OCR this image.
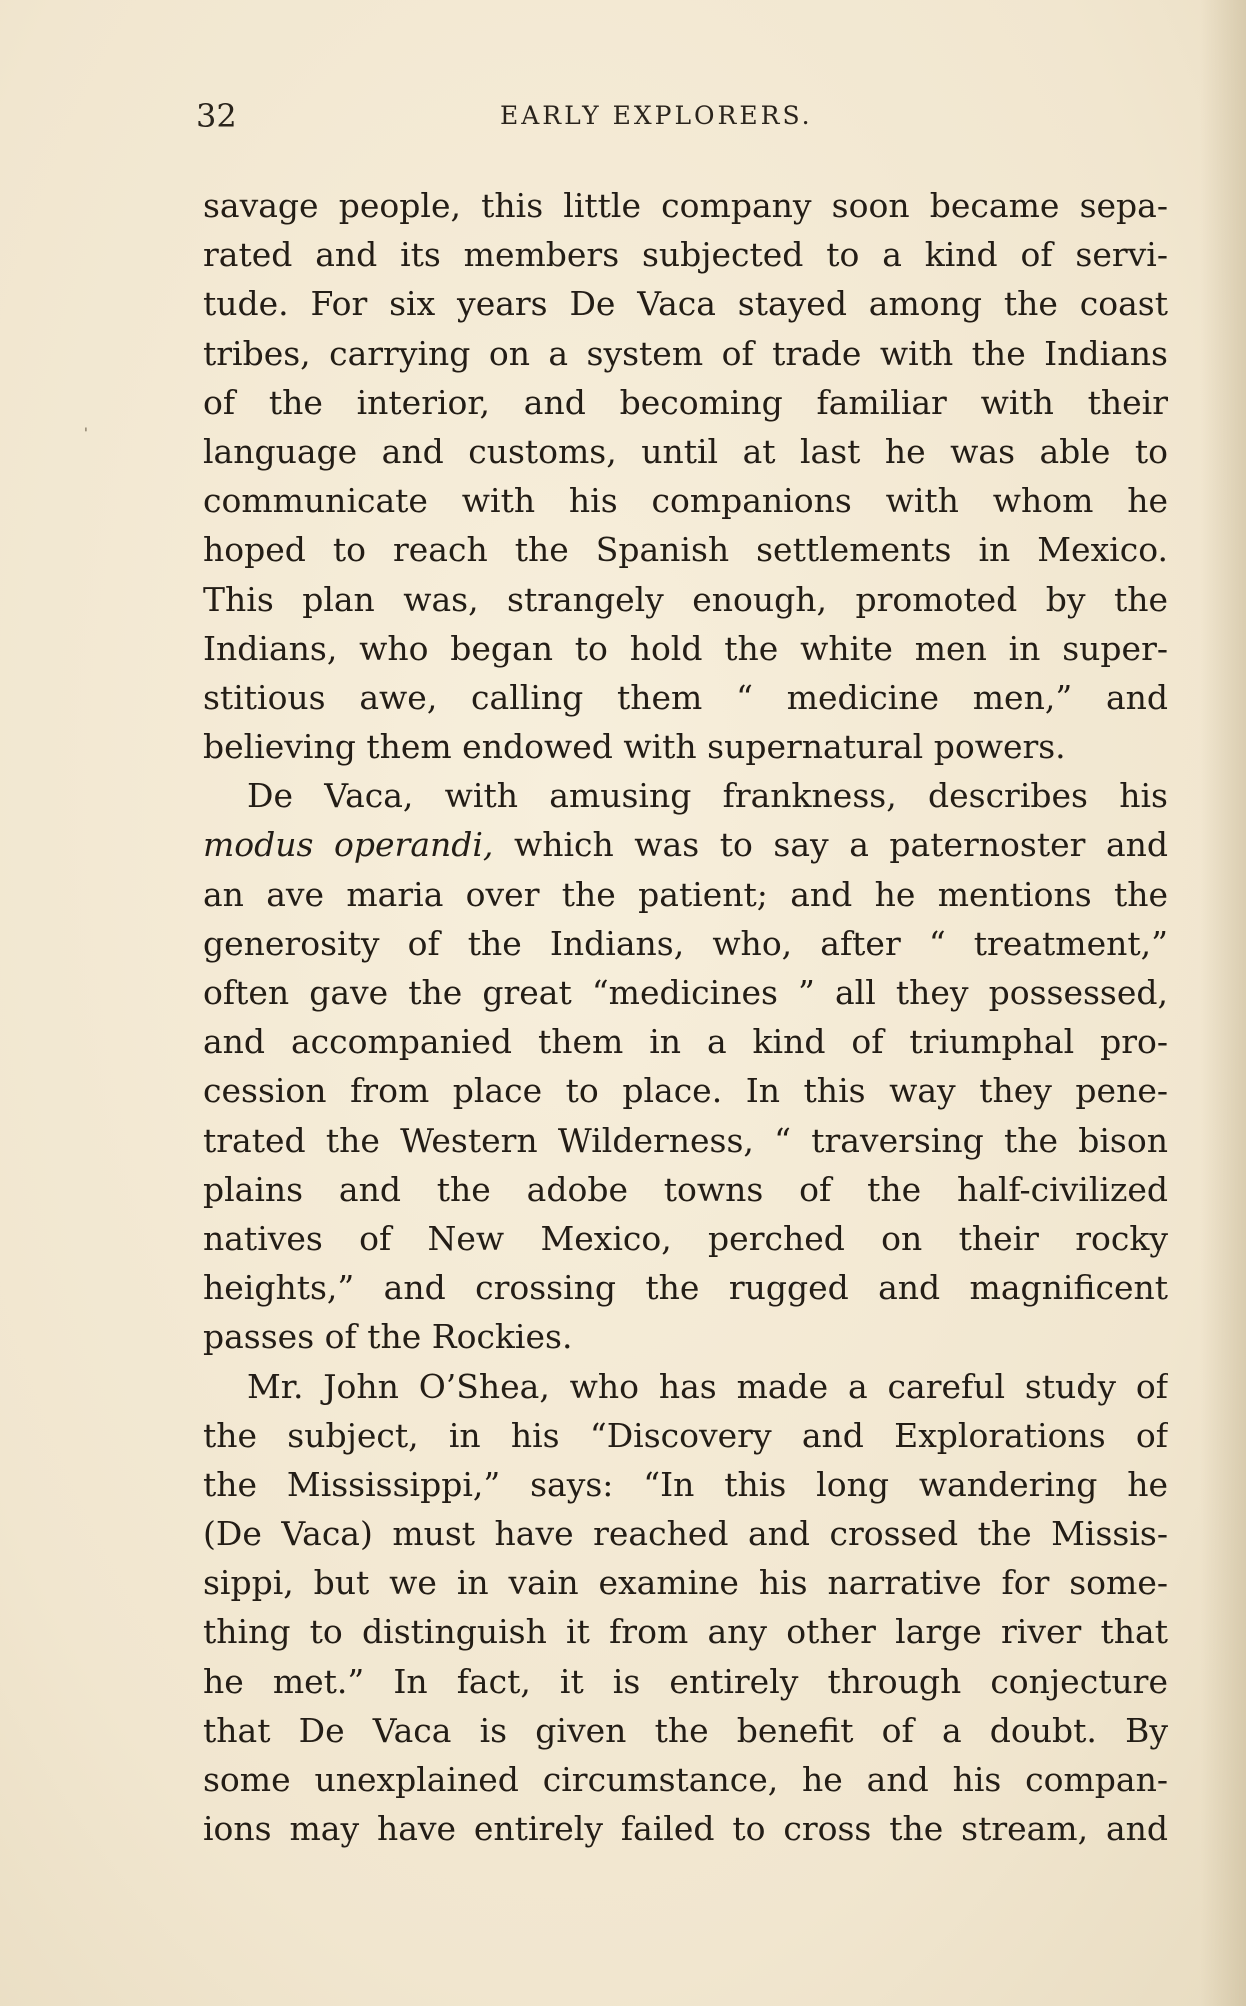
32	EARLY EXPLORERS.
'
savage people, this little company soon became sepa-
rated and its members subjected to a kind of servi-
tude. For six years De Vaca stayed among the coast
tribes, carrying on a system of trade with the Indians
of the interior, and becoming familiar with their
language and customs, until at last he was able to
communicate with his companions with whom he
hoped to reach the Spanish settlements in Mexico.
This plan was, strangely enough, promoted by the
Indians, who began to hold the white men in super-
stitious awe, calling them “ medicine men,” and
believing them endowed with supernatural powers.
De Vaca, with amusing frankness, describes his
modus operandi, which was to say a paternoster and
an ave maria over the patient; and he mentions the
generosity of the Indians, who, after “ treatment,”
often gave the great “medicines ” all they possessed,
and accompanied them in a kind of triumphal pro-
cession from place to place. In this way they pene-
trated the Western Wilderness, “ traversing the bison
plains and the adobe towns of the half-civilized
natives of New Mexico, perched on their rocky
heights,” and crossing the rugged and magnificent
passes of the Rockies.
Mr. John O’Shea, who has made a careful study of
the subject, in his “Discovery and Explorations of
the Mississippi,” says: “In this long wandering he
(De Vaca) must have reached and crossed the Missis-
sippi, but we in vain examine his narrative for some-
thing to distinguish it from any other large river that
he met.” In fact, it is entirely through conjecture
that De Vaca is given the benefit of a doubt. By
some unexplained circumstance, he and his compan-
ions may have entirely failed to cross the stream, and
